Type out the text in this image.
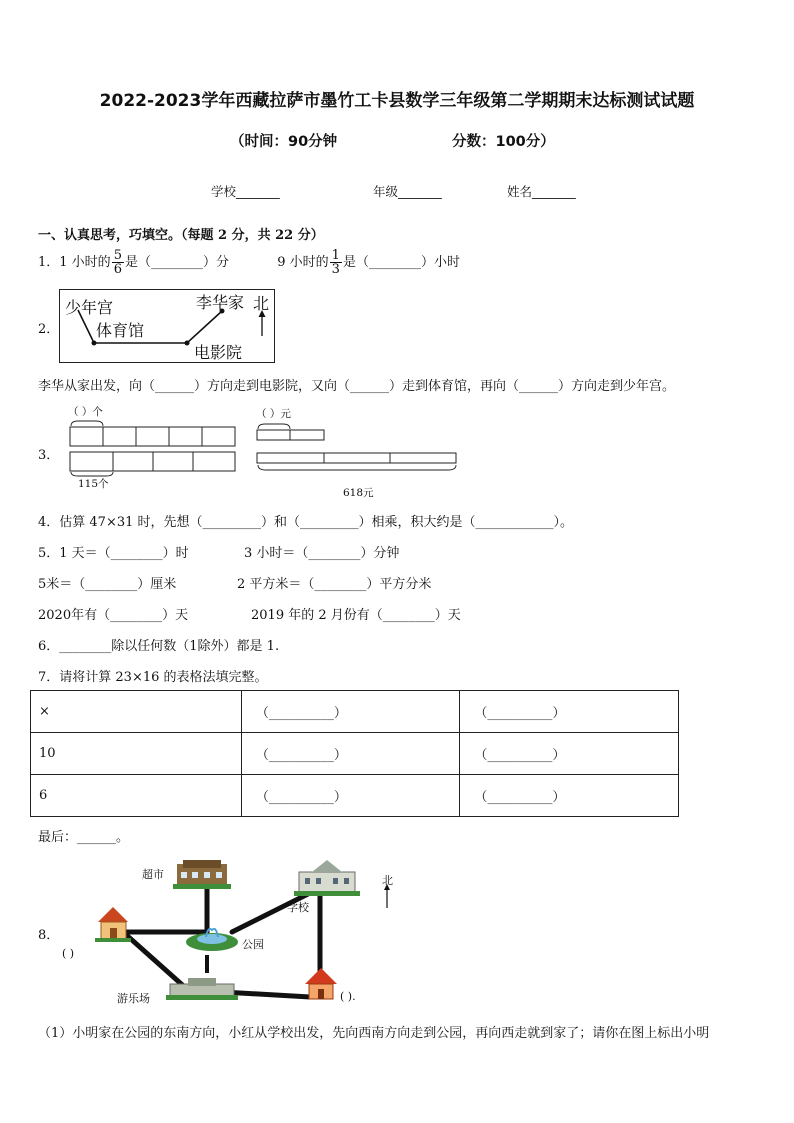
2022-2023学年西藏拉萨市墨竹工卡县数学三年级第二学期期末达标测试试题
（时间：90分钟	分数：100分）
学校_______	年级_______	姓名_______
一、认真思考，巧填空。（每题 2 分，共 22 分）
1．1 小时的 $\frac{5}{6}$ 是（________）分	9 小时的 $\frac{1}{3}$ 是（________）小时
2．
少年宫
体育馆
李华家
电影院
北
李华从家出发，向（______）方向走到电影院，又向（______）走到体育馆，再向（______）方向走到少年宫。
3．
（ ）个
115个
（ ）元
618元
4．估算 47×31 时，先想（_________）和（_________）相乘，积大约是（____________）。
5．1 天＝（________）时	3 小时＝（________）分钟
5米＝（________）厘米	2 平方米＝（________）平方分米
2020年有（________）天	2019 年的 2 月份有（________）天
6．________除以任何数（1除外）都是 1.
7．请将计算 23×16 的表格法填完整。
×	（__________）	（__________）
10	（__________）	（__________）
6	（__________）	（__________）
最后：______。
8．
超市
学校
公园
游乐场
北
( )
( ).
（1）小明家在公园的东南方向，小红从学校出发，先向西南方向走到公园，再向西走就到家了；请你在图上标出小明
